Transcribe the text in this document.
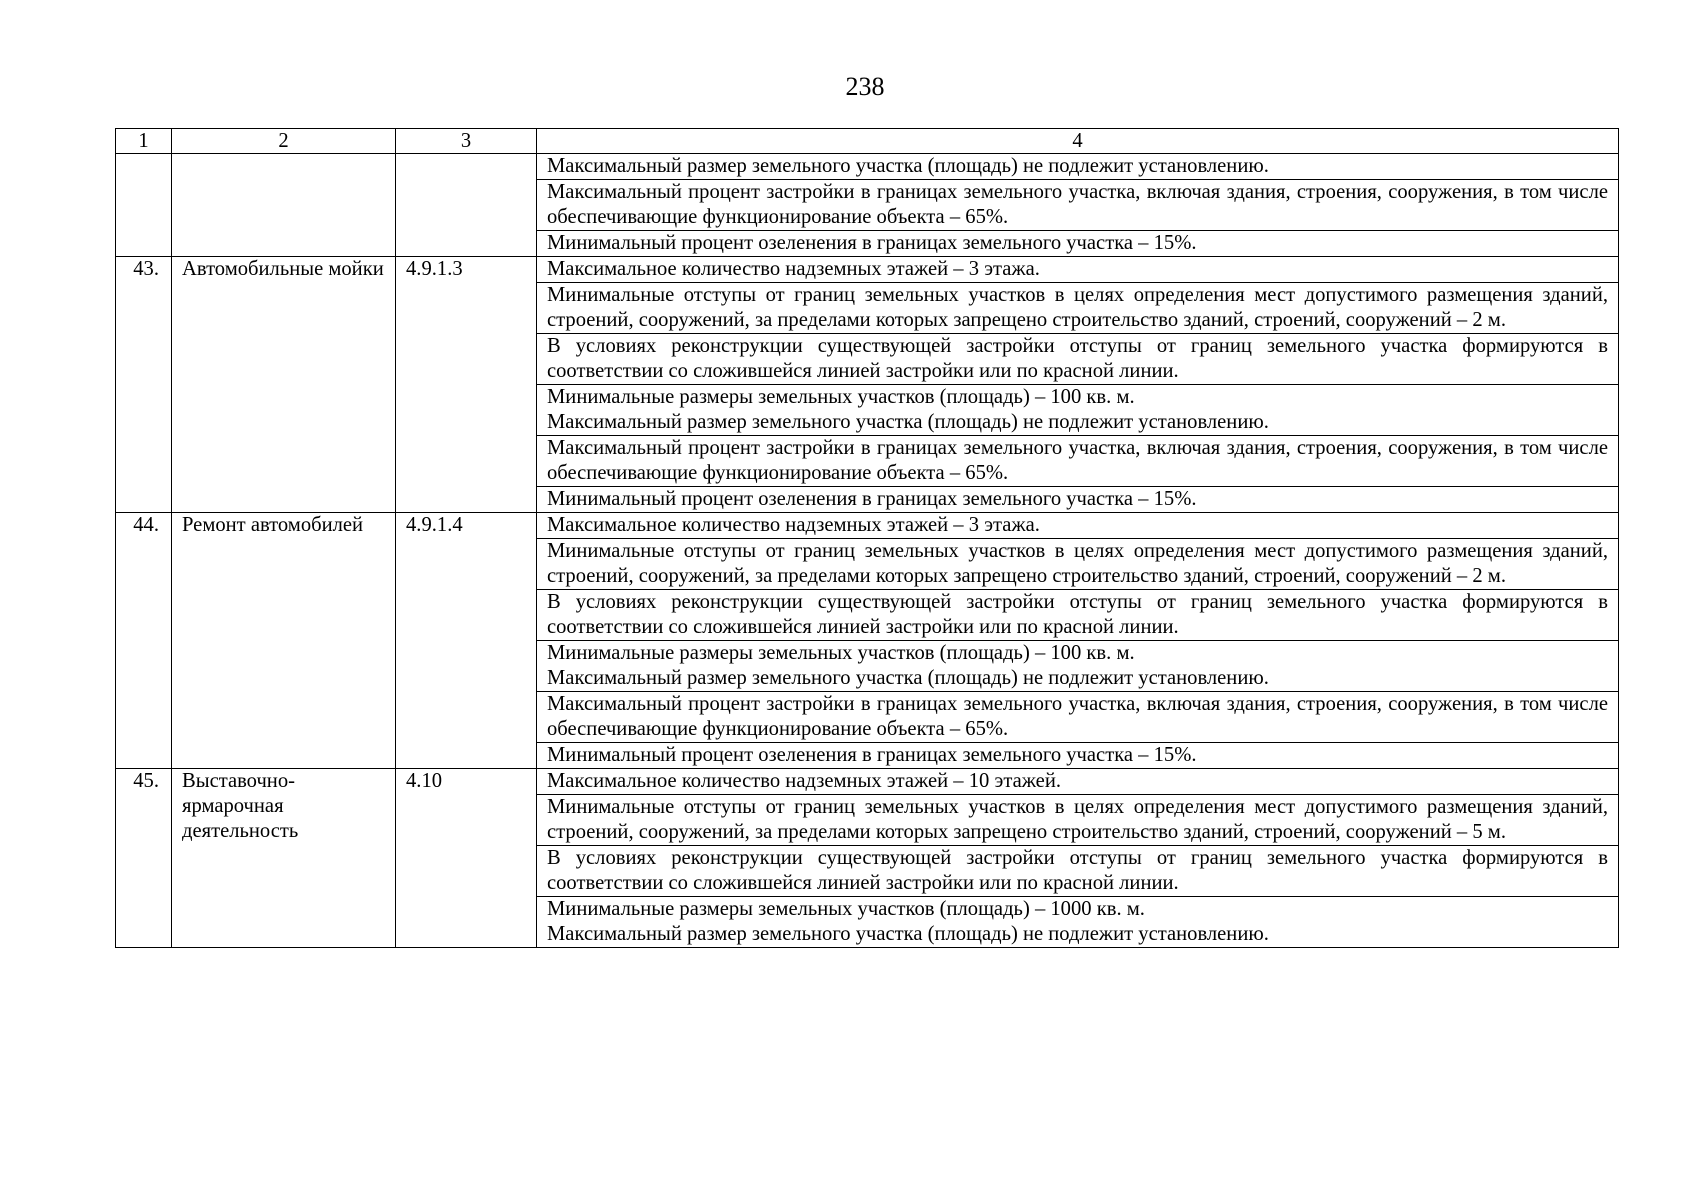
238
1	2	3	4
			Максимальный размер земельного участка (площадь) не подлежит установлению.
			Максимальный процент застройки в границах земельного участка, включая здания, строения, сооружения, в том числе обеспечивающие функционирование объекта – 65%.
			Минимальный процент озеленения в границах земельного участка – 15%.
43.	Автомобильные мойки	4.9.1.3	Максимальное количество надземных этажей – 3 этажа.
			Минимальные отступы от границ земельных участков в целях определения мест допустимого размещения зданий, строений, сооружений, за пределами которых запрещено строительство зданий, строений, сооружений – 2 м.
			В условиях реконструкции существующей застройки отступы от границ земельного участка формируются в соответствии со сложившейся линией застройки или по красной линии.

			Минимальные размеры земельных участков (площадь) – 100 кв. м.
Максимальный размер земельного участка (площадь) не подлежит установлению.

			Максимальный процент застройки в границах земельного участка, включая здания, строения, сооружения, в том числе обеспечивающие функционирование объекта – 65%.
			Минимальный процент озеленения в границах земельного участка – 15%.
44.	Ремонт автомобилей	4.9.1.4	Максимальное количество надземных этажей – 3 этажа.
			Минимальные отступы от границ земельных участков в целях определения мест допустимого размещения зданий, строений, сооружений, за пределами которых запрещено строительство зданий, строений, сооружений – 2 м.
			В условиях реконструкции существующей застройки отступы от границ земельного участка формируются в соответствии со сложившейся линией застройки или по красной линии.

			Минимальные размеры земельных участков (площадь) – 100 кв. м.
Максимальный размер земельного участка (площадь) не подлежит установлению.

			Максимальный процент застройки в границах земельного участка, включая здания, строения, сооружения, в том числе обеспечивающие функционирование объекта – 65%.
			Минимальный процент озеленения в границах земельного участка – 15%.
45.	Выставочно-ярмарочная деятельность	4.10	Максимальное количество надземных этажей – 10 этажей.
			Минимальные отступы от границ земельных участков в целях определения мест допустимого размещения зданий, строений, сооружений, за пределами которых запрещено строительство зданий, строений, сооружений – 5 м.
			В условиях реконструкции существующей застройки отступы от границ земельного участка формируются в соответствии со сложившейся линией застройки или по красной линии.

			Минимальные размеры земельных участков (площадь) – 1000 кв. м.
Максимальный размер земельного участка (площадь) не подлежит установлению.
